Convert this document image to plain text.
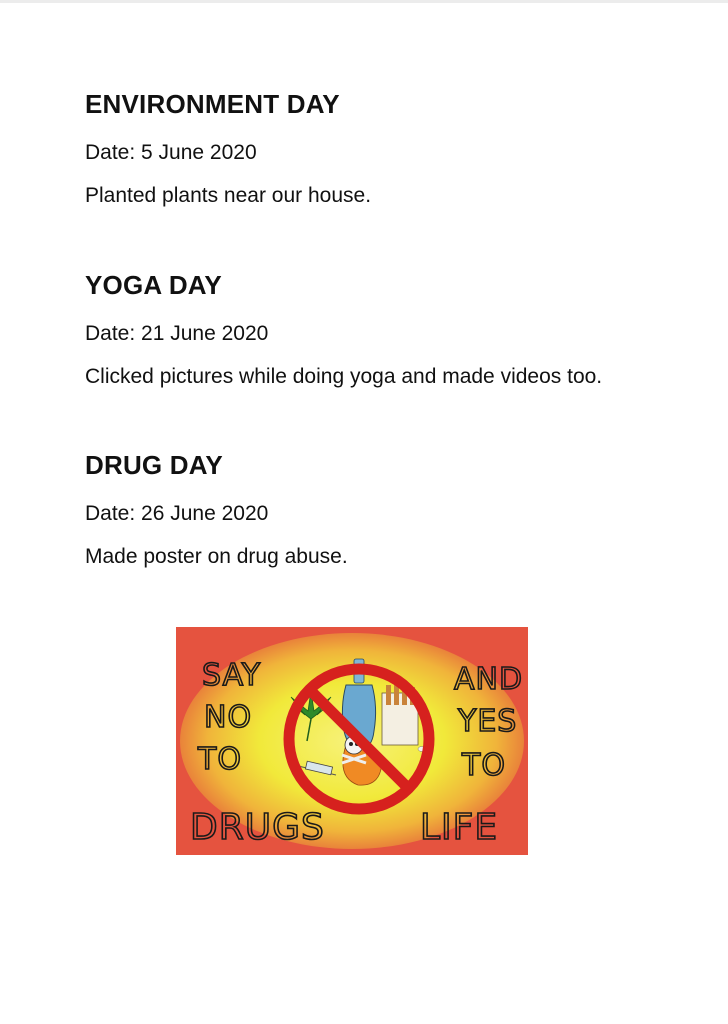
ENVIRONMENT DAY

Date: 5 June 2020

Planted plants near our house.

YOGA DAY

Date: 21 June 2020

Clicked pictures while doing yoga and made videos too.

DRUG DAY

Date: 26 June 2020

Made poster on drug abuse.

SAY
NO
TO
DRUGS
AND
YES
TO
LIFE
